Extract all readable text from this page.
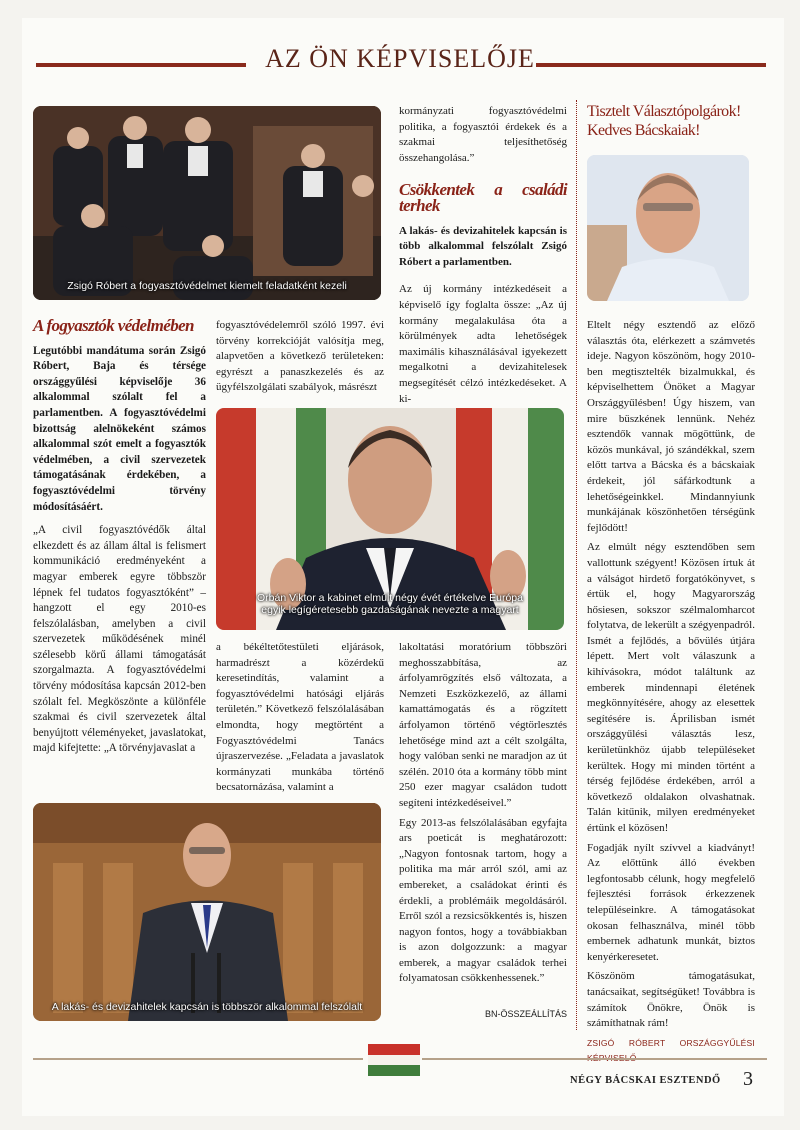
AZ ÖN KÉPVISELŐJE
Zsigó Róbert a fogyasztóvédelmet kiemelt feladatként kezeli
A fogyasztók védelmében

Legutóbbi mandátuma során Zsigó Róbert, Baja és térsége országgyűlési képviselője 36 alkalommal szólalt fel a parlamentben. A fogyasztóvédelmi bizottság alelnökeként számos alkalommal szót emelt a fogyasztók védelmében, a civil szervezetek támogatásának érdekében, a fogyasztóvédelmi törvény módosításáért.

„A civil fogyasztóvédők által elkezdett és az állam által is felismert kommunikáció eredményeként a magyar emberek egyre többször lépnek fel tudatos fogyasztóként” – hangzott el egy 2010-es felszólalásban, amelyben a civil szervezetek működésének minél szélesebb körű állami támogatását szorgalmazta. A fogyasztóvédelmi törvény módosítása kapcsán 2012-ben szólalt fel. Megköszönte a különféle szakmai és civil szervezetek által benyújtott véleményeket, javaslatokat, majd kifejtette: „A törvényjavaslat a

fogyasztóvédelemről szóló 1997. évi törvény korrekcióját valósítja meg, alapvetően a következő területeken: egyrészt a panaszkezelés és az ügyfélszolgálati szabályok, másrészt

Orbán Viktor a kabinet elmúlt négy évét értékelve Európa
egyik legígéretesebb gazdaságának nevezte a magyart

a békéltetőtestületi eljárások, harmadrészt a közérdekű keresetindítás, valamint a fogyasztóvédelmi hatósági eljárás területén.” Következő felszólalásában elmondta, hogy megtörtént a Fogyasztóvédelmi Tanács újraszervezése. „Feladata a javaslatok kormányzati munkába történő becsatornázása, valamint a

A lakás- és devizahitelek kapcsán is többször alkalommal felszólalt

kormányzati fogyasztóvédelmi politika, a fogyasztói érdekek és a szakmai teljesíthetőség összehangolása.”

Csökkentek a családi terhek

A lakás- és devizahitelek kapcsán is több alkalommal felszólalt Zsigó Róbert a parlamentben.

Az új kormány intézkedéseit a képviselő így foglalta össze: „Az új kormány megalakulása óta a körülmények adta lehetőségek maximális kihasználásával igyekezett megalkotni a devizahitelesek megsegítését célzó intézkedéseket. A ki-

lakoltatási moratórium többszöri meghosszabbítása, az árfolyamrögzítés első változata, a Nemzeti Eszközkezelő, az állami kamattámogatás és a rögzített árfolyamon történő végtörlesztés lehetősége mind azt a célt szolgálta, hogy valóban senki ne maradjon az út szélén. 2010 óta a kormány több mint 250 ezer magyar családon tudott segíteni intézkedéseivel.”

Egy 2013-as felszólalásában egyfajta ars poeticát is meghatározott: „Nagyon fontosnak tartom, hogy a politika ma már arról szól, ami az embereket, a családokat érinti és érdekli, a problémáik megoldásáról. Erről szól a rezsicsökkentés is, hiszen nagyon fontos, hogy a továbbiakban is azon dolgozzunk: a magyar emberek, a magyar családok terhei folyamatosan csökkenhessenek.”

BN-ÖSSZEÁLLÍTÁS
Tisztelt Választópolgárok!
Kedves Bácskaiak!

Eltelt négy esztendő az előző választás óta, elérkezett a számvetés ideje. Nagyon köszönöm, hogy 2010-ben megtisztelték bizalmukkal, és képviselhettem Önöket a Magyar Országgyűlésben! Úgy hiszem, van mire büszkének lennünk. Nehéz esztendők vannak mögöttünk, de közös munkával, jó szándékkal, szem előtt tartva a Bácska és a bácskaiak érdekeit, jól sáfárkodtunk a lehetőségeinkkel. Mindannyiunk munkájának köszönhetően térségünk fejlődött!

Az elmúlt négy esztendőben sem vallottunk szégyent! Közösen írtuk át a válságot hirdető forgatókönyvet, s értük el, hogy Magyarország hősiesen, sokszor szélmalomharcot folytatva, de lekerült a szégyenpadról. Ismét a fejlődés, a bővülés útjára lépett. Mert volt válaszunk a kihívásokra, módot találtunk az emberek mindennapi életének megkönnyítésére, ahogy az elesettek segítésére is. Áprilisban ismét országgyűlési választás lesz, kerületünkhöz újabb településeket kerültek. Hogy mi minden történt a térség fejlődése érdekében, arról a következő oldalakon olvashatnak. Talán kitűnik, milyen eredményeket értünk el közösen!

Fogadják nyílt szívvel a kiadványt! Az előttünk álló években legfontosabb célunk, hogy megfelelő fejlesztési források érkezzenek településeinkre. A támogatásokat okosan felhasználva, minél több embernek adhatunk munkát, biztos kenyérkeresetet.

Köszönöm támogatásukat, tanácsaikat, segítségüket! Továbbra is számítok Önökre, Önök is számíthatnak rám!

ZSIGÓ RÓBERT ORSZÁGGYŰLÉSI
NÉGY BÁCSKAI ESZTENDŐ 3
